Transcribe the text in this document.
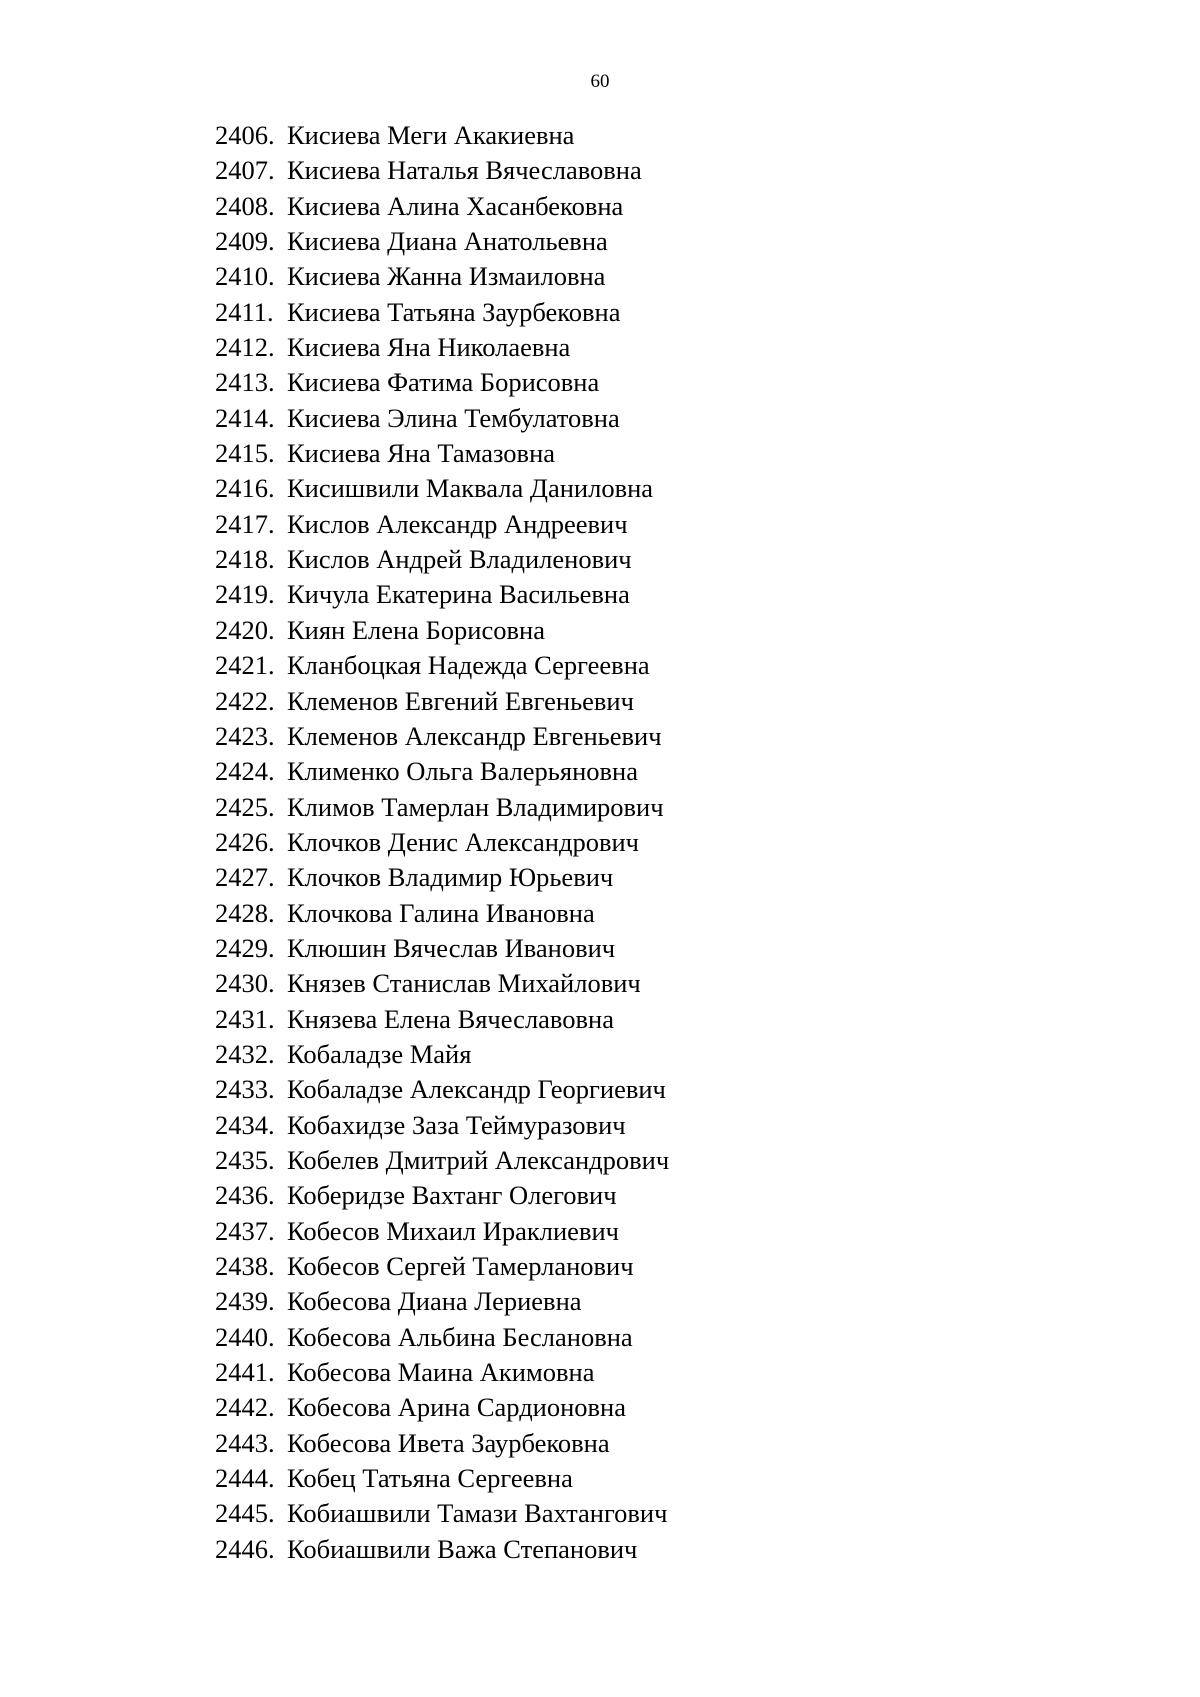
60
2406. Кисиева Меги Акакиевна
2407. Кисиева Наталья Вячеславовна
2408. Кисиева Алина Хасанбековна
2409. Кисиева Диана Анатольевна
2410. Кисиева Жанна Измаиловна
2411. Кисиева Татьяна Заурбековна
2412. Кисиева Яна Николаевна
2413. Кисиева Фатима Борисовна
2414. Кисиева Элина Тембулатовна
2415. Кисиева Яна Тамазовна
2416. Кисишвили Маквала Даниловна
2417. Кислов Александр Андреевич
2418. Кислов Андрей Владиленович
2419. Кичула Екатерина Васильевна
2420. Киян Елена Борисовна
2421. Кланбоцкая Надежда Сергеевна
2422. Клеменов Евгений Евгеньевич
2423. Клеменов Александр Евгеньевич
2424. Клименко Ольга Валерьяновна
2425. Климов Тамерлан Владимирович
2426. Клочков Денис Александрович
2427. Клочков Владимир Юрьевич
2428. Клочкова Галина Ивановна
2429. Клюшин Вячеслав Иванович
2430. Князев Станислав Михайлович
2431. Князева Елена Вячеславовна
2432. Кобаладзе Майя
2433. Кобаладзе Александр Георгиевич
2434. Кобахидзе Заза Теймуразович
2435. Кобелев Дмитрий Александрович
2436. Коберидзе Вахтанг Олегович
2437. Кобесов Михаил Ираклиевич
2438. Кобесов Сергей Тамерланович
2439. Кобесова Диана Лериевна
2440. Кобесова Альбина Беслановна
2441. Кобесова Маина Акимовна
2442. Кобесова Арина Сардионовна
2443. Кобесова Ивета Заурбековна
2444. Кобец Татьяна Сергеевна
2445. Кобиашвили Тамази Вахтангович
2446. Кобиашвили Важа Степанович
